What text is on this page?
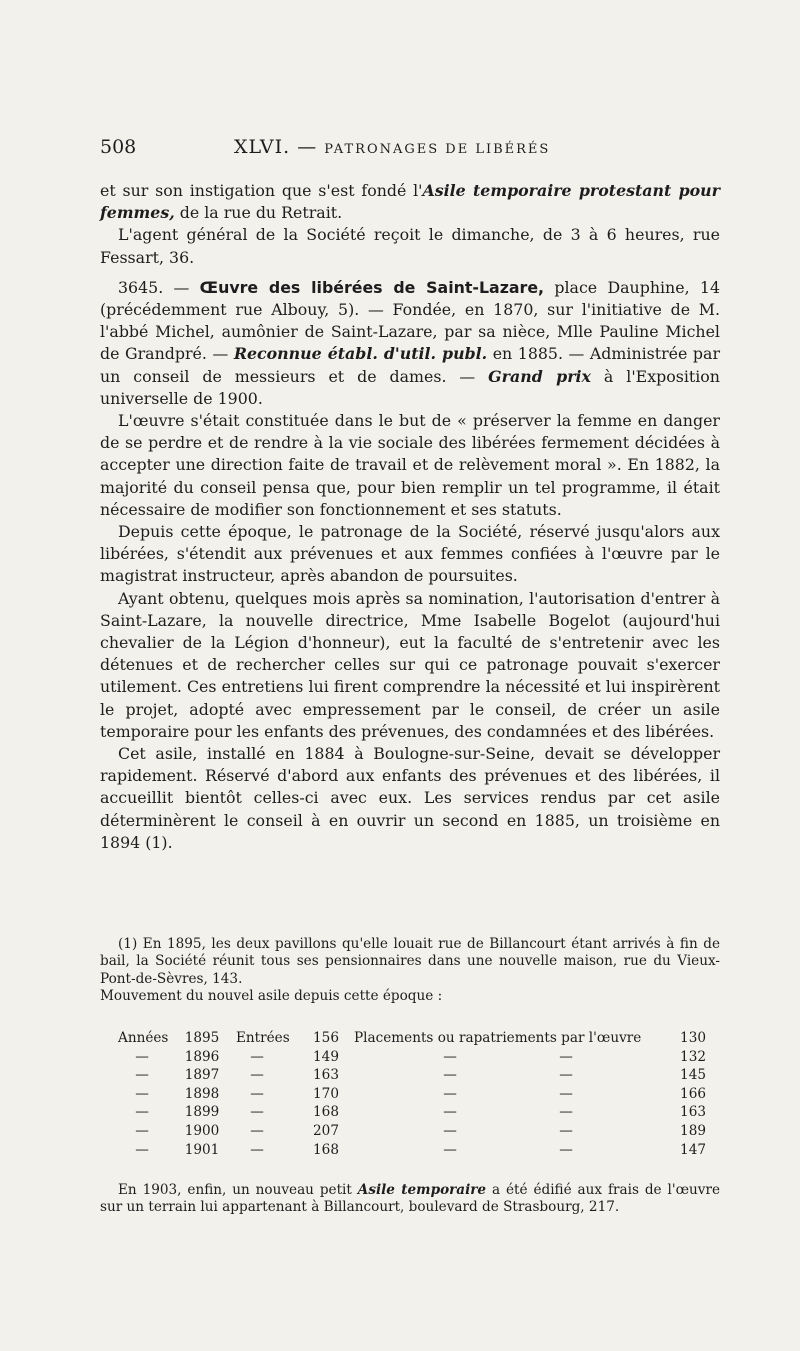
508	XLVI. — PATRONAGES DE LIBÉRÉS

et sur son instigation que s'est fondé l'Asile temporaire protestant pour femmes, de la rue du Retrait.

L'agent général de la Société reçoit le dimanche, de 3 à 6 heures, rue Fessart, 36.

3645. — Œuvre des libérées de Saint-Lazare, place Dauphine, 14 (précédemment rue Albouy, 5). — Fondée, en 1870, sur l'initiative de M. l'abbé Michel, aumônier de Saint-Lazare, par sa nièce, Mlle Pauline Michel de Grandpré. — Reconnue établ. d'util. publ. en 1885. — Administrée par un conseil de messieurs et de dames. — Grand prix à l'Exposition universelle de 1900.

L'œuvre s'était constituée dans le but de « préserver la femme en danger de se perdre et de rendre à la vie sociale des libérées fermement décidées à accepter une direction faite de travail et de relèvement moral ». En 1882, la majorité du conseil pensa que, pour bien remplir un tel programme, il était nécessaire de modifier son fonctionnement et ses statuts.

Depuis cette époque, le patronage de la Société, réservé jusqu'alors aux libérées, s'étendit aux prévenues et aux femmes confiées à l'œuvre par le magistrat instructeur, après abandon de poursuites.

Ayant obtenu, quelques mois après sa nomination, l'autorisation d'entrer à Saint-Lazare, la nouvelle directrice, Mme Isabelle Bogelot (aujourd'hui chevalier de la Légion d'honneur), eut la faculté de s'entretenir avec les détenues et de rechercher celles sur qui ce patronage pouvait s'exercer utilement. Ces entretiens lui firent comprendre la nécessité et lui inspirèrent le projet, adopté avec empressement par le conseil, de créer un asile temporaire pour les enfants des prévenues, des condamnées et des libérées.

Cet asile, installé en 1884 à Boulogne-sur-Seine, devait se développer rapidement. Réservé d'abord aux enfants des prévenues et des libérées, il accueillit bientôt celles-ci avec eux. Les services rendus par cet asile déterminèrent le conseil à en ouvrir un second en 1885, un troisième en 1894 (1).

(1) En 1895, les deux pavillons qu'elle louait rue de Billancourt étant arrivés à fin de bail, la Société réunit tous ses pensionnaires dans une nouvelle maison, rue du Vieux-Pont-de-Sèvres, 143.

Mouvement du nouvel asile depuis cette époque :

Années 1895 Entrées	156	Placements ou rapatriements par l'œuvre	130
—	1896	—	149	—	—	132
—	1897	—	163	—	—	145
—	1898	—	170	—	—	166
—	1899	—	168	—	—	163
—	1900	—	207	—	—	189
—	1901	—	168	—	—	147

En 1903, enfin, un nouveau petit Asile temporaire a été édifié aux frais de l'œuvre sur un terrain lui appartenant à Billancourt, boulevard de Strasbourg, 217.
